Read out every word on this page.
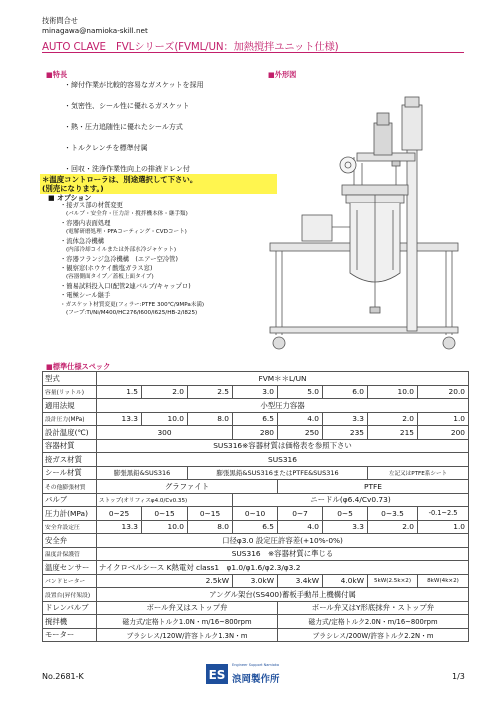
技術問合せ
minagawa@namioka-skill.net
AUTO CLAVE　FVLシリーズ(FVML/UN：加熱撹拌ユニット仕様)
■特長
・締付作業が比較的容易なガスケットを採用
・気密性、シール性に優れるガスケット
・熱・圧力追随性に優れたシール方式
・トルクレンチを標準付属
・回収・洗浄作業性向上の排液ドレン付
■外形図
＊温度コントローラは、別途選択して下さい。
(別売になります。)
■ オプション
・接ガス部の材質変更
(バルブ・安全弁・圧力計・撹拌機本体・継手類)
・容器内表面処理
(電解研磨処理・PFAコーティング・CVDコート)
・流体急冷機構
(内部冷却コイルまたは外部水冷ジャケット)
・容器フランジ急冷機構　(エアー空冷管)
・観察窓(ホウケイ酸塩ガラス窓)
(容器側面タイプ／蓋板上面タイプ)
・簡易試料投入口(配管2連バルブ/キャップロ)
・電極シール継手
・ガスケット材質変更(フィラー:PTFE 300℃/9MPa未満)
(フープ:Ti/Ni/M400/HC276/I600/I625/HB-2/I825)
■標準仕様スペック
型式	FVM＊＊L/UN							
容量(リットル)	1.5	2.0	2.5	3.0	5.0	6.0	10.0	20.0
適用法規	小型圧力容器							
設計圧力(MPa)	13.3	10.0	8.0	6.5	4.0	3.3	2.0	1.0
設計温度(℃)	300			280	250	235	215	200
容器材質	SUS316※容器材質は価格表を参照下さい							
接ガス材質	SUS316							
シール材質	膨張黒鉛&SUS316		膨張黒鉛&SUS316またはPTFE&SUS316				左記又はPTFE系シート	
その他膨張材質	グラファイト				PTFE			
バルブ	ストップ(オリフィスφ4.0/Cv0.35)			ニードル(φ6.4/Cv0.73)				
圧力計(MPa)	0~25	0~15	0~15	0~10	0~7	0~5	0~3.5	-0.1~2.5
安全弁設定圧	13.3	10.0	8.0	6.5	4.0	3.3	2.0	1.0
安全弁	口径φ3.0 設定圧許容差(+10%-0%)							
温度計保護管	SUS316　※容器材質に準じる							
温度センサー	ナイクロベルシース K熱電対 class1　φ1.0/φ1.6/φ2.3/φ3.2							
バンドヒーター	2.5kW			3.0kW	3.4kW	4.0kW	5kW(2.5k×2)	8kW(4k×2)
設置台(昇付架設)	アングル架台(SS400)蓄板手動吊上機構付属							
ドレンバルブ	ボール弁又はストップ弁				ボール弁又はY形底抹弁・ストップ弁			
撹拌機	磁力式/定格トルク1.0N・m/16~800rpm				磁力式/定格トルク2.0N・m/16~800rpm			
モーター	ブラシレス/120W/許容トルク1.3N・m				ブラシレス/200W/許容トルク2.2N・m			
No.2681-K	ES
Engineer Support Namioka
浪岡製作所	1/3
